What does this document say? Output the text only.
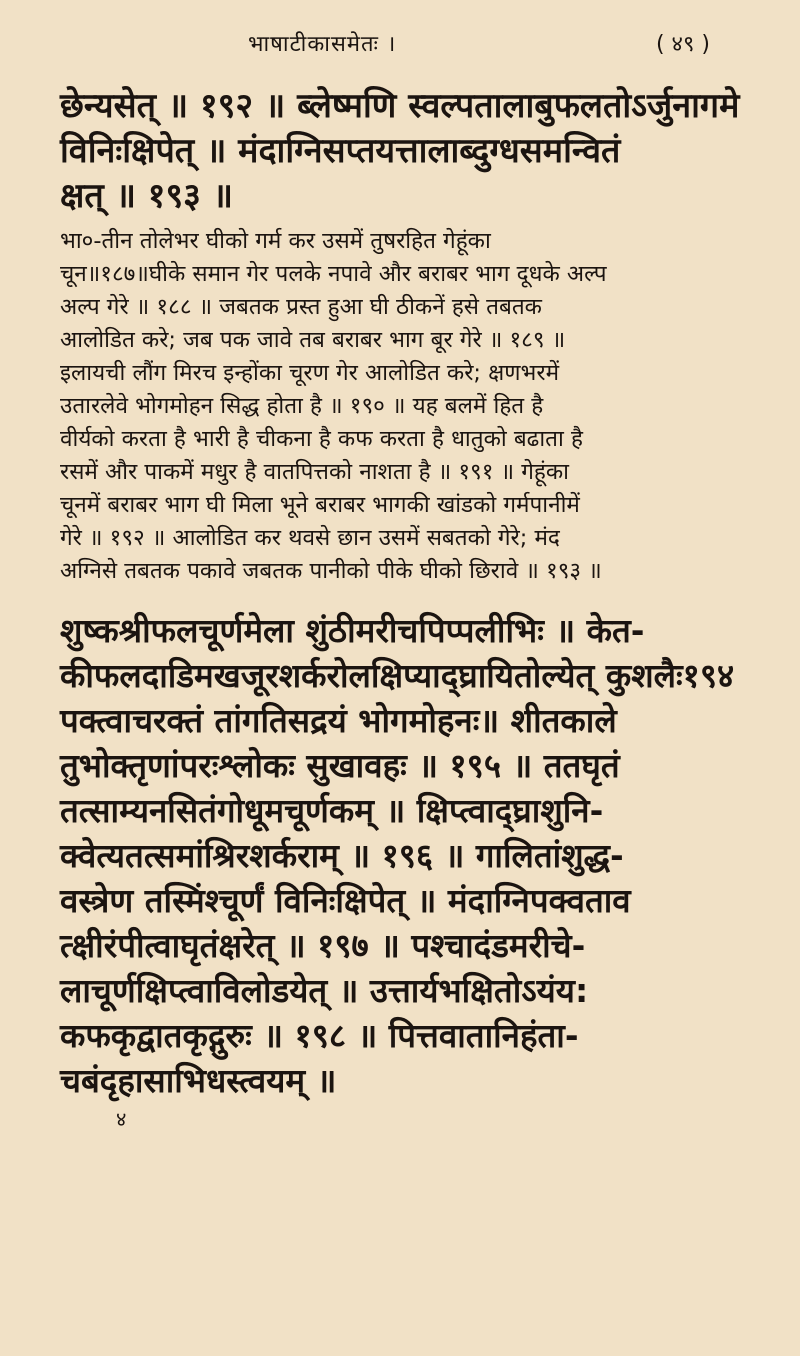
भाषाटीकासमेतः ।	( ४९ )

छेन्यसेत् ॥ १९२ ॥ ब्लेष्मणि स्वल्पतालाबुफलतोऽर्जुनागमे

विनिःक्षिपेत् ॥ मंदाग्निसप्तयत्तालाब्दुग्धसमन्वितं

क्षत् ॥ १९३ ॥

भा०-तीन तोलेभर घीको गर्म कर उसमें तुषरहित गेहूंका

चून॥१८७॥घीके समान गेर पलके नपावे और बराबर भाग दूधके अल्प

अल्प गेरे ॥ १८८ ॥ जबतक प्रस्त हुआ घी ठीकनें हसे तबतक

आलोडित करे; जब पक जावे तब बराबर भाग बूर गेरे ॥ १८९ ॥

इलायची लौंग मिरच इन्होंका चूरण गेर आलोडित करे; क्षणभरमें

उतारलेवे भोगमोहन सिद्ध होता है ॥ १९० ॥ यह बलमें हित है

वीर्यको करता है भारी है चीकना है कफ करता है धातुको बढाता है

रसमें और पाकमें मधुर है वातपित्तको नाशता है ॥ १९१ ॥ गेहूंका

चूनमें बराबर भाग घी मिला भूने बराबर भागकी खांडको गर्मपानीमें

गेरे ॥ १९२ ॥ आलोडित कर थवसे छान उसमें सबतको गेरे; मंद

अग्निसे तबतक पकावे जबतक पानीको पीके घीको छिरावे ॥ १९३ ॥

शुष्कश्रीफलचूर्णमेला शुंठीमरीचपिप्पलीभिः ॥ केत-

कीफलदाडिमखजूरशर्करोलक्षिप्याद्घ्रायितोल्येत् कुशलैः१९४

पक्त्वाचरक्तं तांगतिसद्रयं भोगमोहनः॥ शीतकाले

तुभोक्तृणांपरःश्लोकः सुखावहः ॥ १९५ ॥ ततघृतं

तत्साम्यनसितंगोधूमचूर्णकम् ॥ क्षिप्त्वाद्घ्राशुनि-

क्वेत्यतत्समांश्रिरशर्कराम् ॥ १९६ ॥ गालितांशुद्ध-

वस्त्रेण तस्मिंश्चूर्णं विनिःक्षिपेत् ॥ मंदाग्निपक्वताव

त्क्षीरंपीत्वाघृतंक्षरेत् ॥ १९७ ॥ पश्चादंडमरीचे-

लाचूर्णक्षिप्त्वाविलोडयेत् ॥ उत्तार्यभक्षितोऽयंय:

कफकृद्वातकृद्गुरुः ॥ १९८ ॥ पित्तवातानिहंता-

चबंदृहासाभिधस्त्वयम् ॥

४
